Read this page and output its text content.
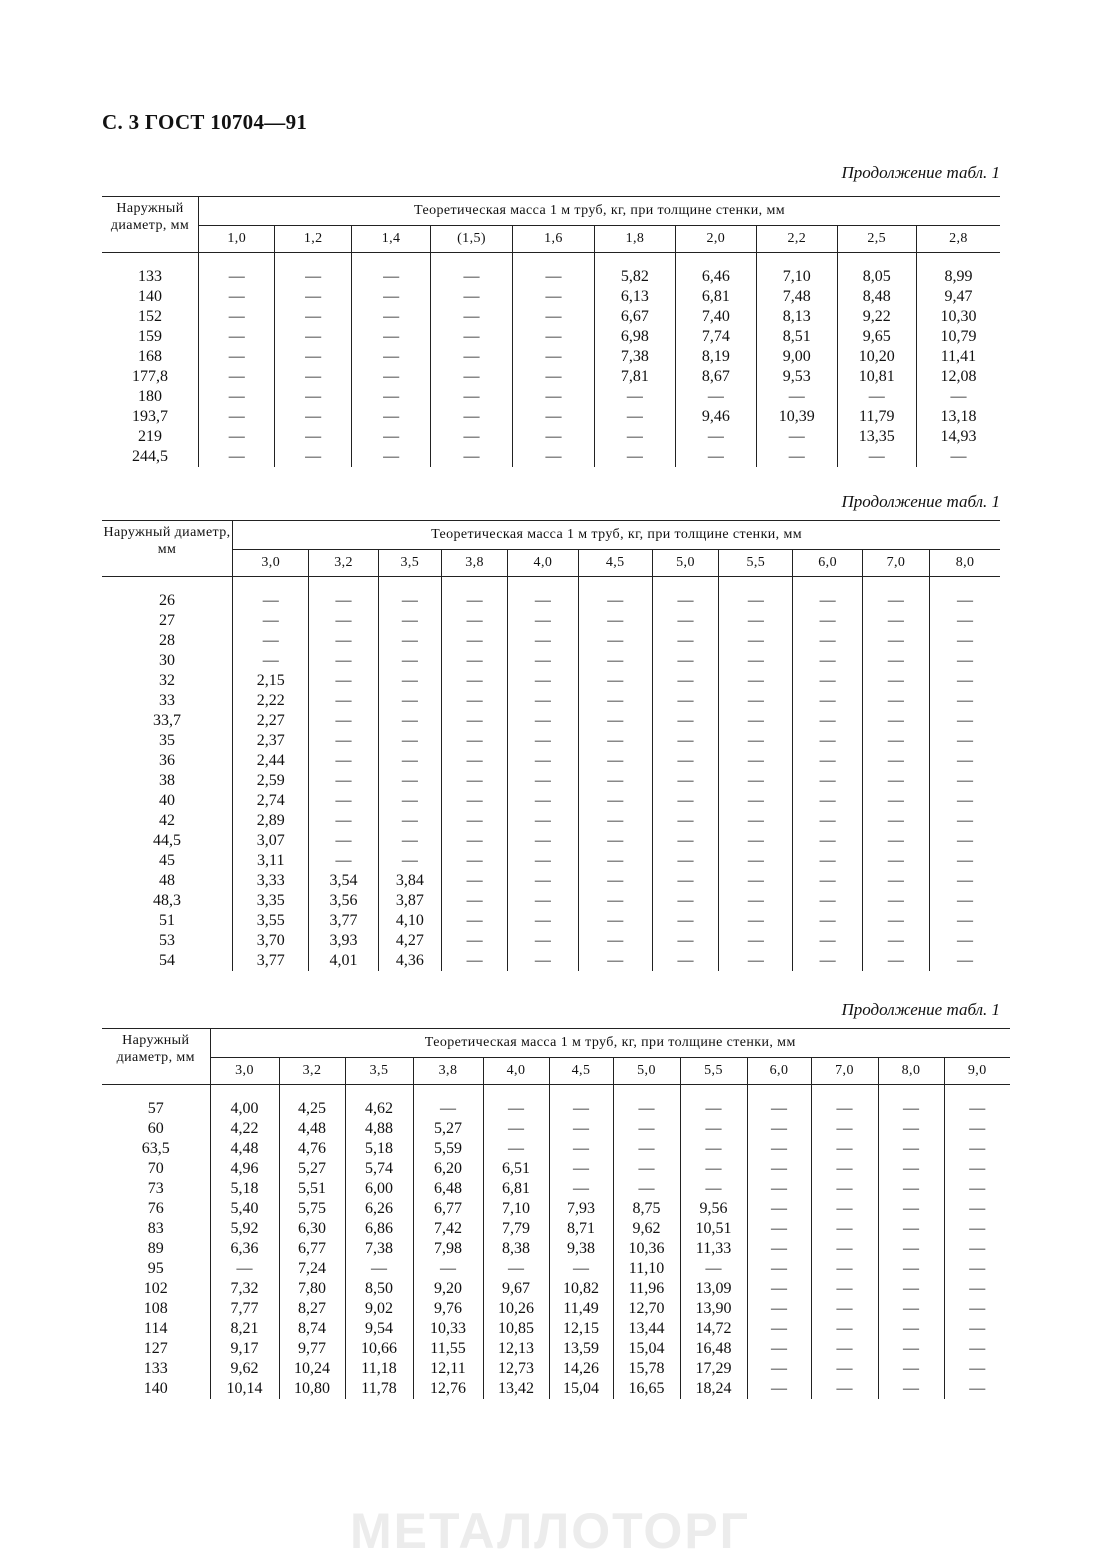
С. 3 ГОСТ 10704—91
Наружный диаметр, мм	Теоретическая масса 1 м труб, кг, при толщине стенки, мм									
	1,0	1,2	1,4	(1,5)	1,6	1,8	2,0	2,2	2,5	2,8

133	—	—	—	—	—	5,82	6,46	7,10	8,05	8,99
140	—	—	—	—	—	6,13	6,81	7,48	8,48	9,47
152	—	—	—	—	—	6,67	7,40	8,13	9,22	10,30
159	—	—	—	—	—	6,98	7,74	8,51	9,65	10,79
168	—	—	—	—	—	7,38	8,19	9,00	10,20	11,41
177,8	—	—	—	—	—	7,81	8,67	9,53	10,81	12,08
180	—	—	—	—	—	—	—	—	—	—
193,7	—	—	—	—	—	—	9,46	10,39	11,79	13,18
219	—	—	—	—	—	—	—	—	13,35	14,93
244,5	—	—	—	—	—	—	—	—	—	—
Наружный диаметр, мм	Теоретическая масса 1 м труб, кг, при толщине стенки, мм										
	3,0	3,2	3,5	3,8	4,0	4,5	5,0	5,5	6,0	7,0	8,0

26	—	—	—	—	—	—	—	—	—	—	—
27	—	—	—	—	—	—	—	—	—	—	—
28	—	—	—	—	—	—	—	—	—	—	—
30	—	—	—	—	—	—	—	—	—	—	—
32	2,15	—	—	—	—	—	—	—	—	—	—
33	2,22	—	—	—	—	—	—	—	—	—	—
33,7	2,27	—	—	—	—	—	—	—	—	—	—
35	2,37	—	—	—	—	—	—	—	—	—	—
36	2,44	—	—	—	—	—	—	—	—	—	—
38	2,59	—	—	—	—	—	—	—	—	—	—
40	2,74	—	—	—	—	—	—	—	—	—	—
42	2,89	—	—	—	—	—	—	—	—	—	—
44,5	3,07	—	—	—	—	—	—	—	—	—	—
45	3,11	—	—	—	—	—	—	—	—	—	—
48	3,33	3,54	3,84	—	—	—	—	—	—	—	—
48,3	3,35	3,56	3,87	—	—	—	—	—	—	—	—
51	3,55	3,77	4,10	—	—	—	—	—	—	—	—
53	3,70	3,93	4,27	—	—	—	—	—	—	—	—
54	3,77	4,01	4,36	—	—	—	—	—	—	—	—
Наружный диаметр, мм	Теоретическая масса 1 м труб, кг, при толщине стенки, мм											
	3,0	3,2	3,5	3,8	4,0	4,5	5,0	5,5	6,0	7,0	8,0	9,0

57	4,00	4,25	4,62	—	—	—	—	—	—	—	—	—
60	4,22	4,48	4,88	5,27	—	—	—	—	—	—	—	—
63,5	4,48	4,76	5,18	5,59	—	—	—	—	—	—	—	—
70	4,96	5,27	5,74	6,20	6,51	—	—	—	—	—	—	—
73	5,18	5,51	6,00	6,48	6,81	—	—	—	—	—	—	—
76	5,40	5,75	6,26	6,77	7,10	7,93	8,75	9,56	—	—	—	—
83	5,92	6,30	6,86	7,42	7,79	8,71	9,62	10,51	—	—	—	—
89	6,36	6,77	7,38	7,98	8,38	9,38	10,36	11,33	—	—	—	—
95	—	7,24	—	—	—	—	11,10	—	—	—	—	—
102	7,32	7,80	8,50	9,20	9,67	10,82	11,96	13,09	—	—	—	—
108	7,77	8,27	9,02	9,76	10,26	11,49	12,70	13,90	—	—	—	—
114	8,21	8,74	9,54	10,33	10,85	12,15	13,44	14,72	—	—	—	—
127	9,17	9,77	10,66	11,55	12,13	13,59	15,04	16,48	—	—	—	—
133	9,62	10,24	11,18	12,11	12,73	14,26	15,78	17,29	—	—	—	—
140	10,14	10,80	11,78	12,76	13,42	15,04	16,65	18,24	—	—	—	—
МЕТАЛЛОТОРГ
Продолжение табл. 1
Продолжение табл. 1
Продолжение табл. 1
